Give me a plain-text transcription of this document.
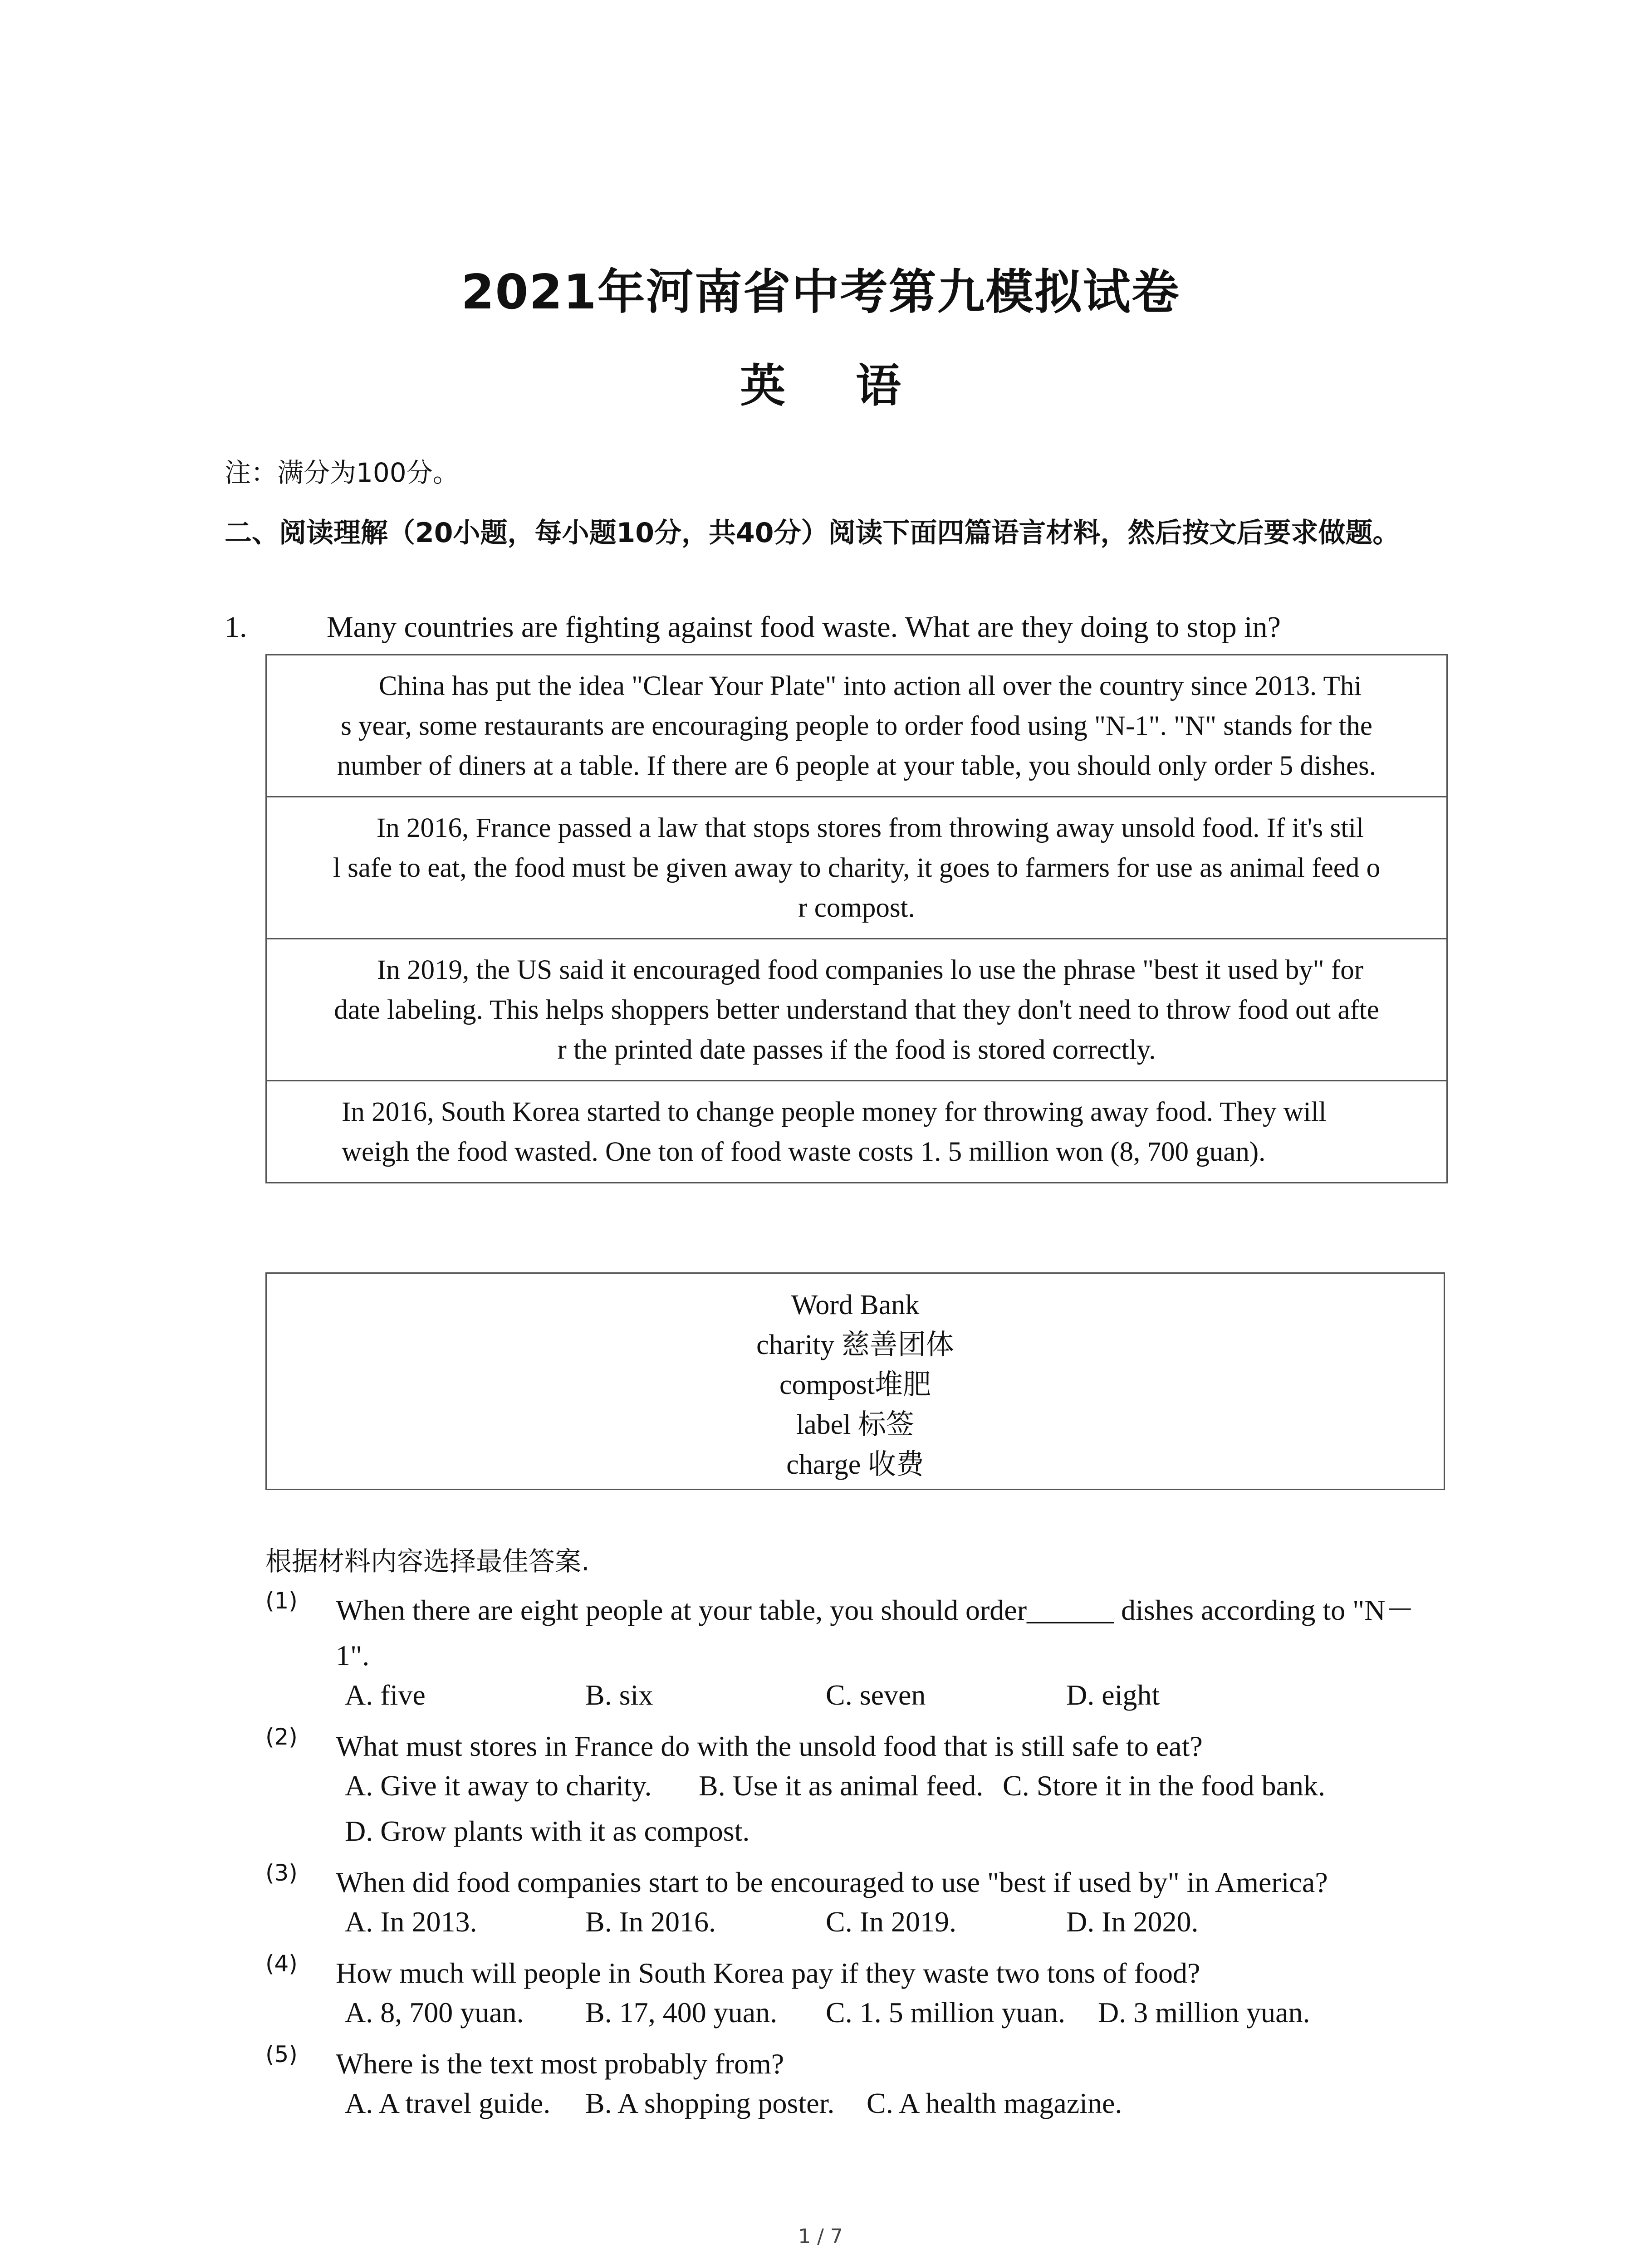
2021年河南省中考第九模拟试卷
英 语
注：满分为100分。
二、阅读理解（20小题，每小题10分，共40分）阅读下面四篇语言材料，然后按文后要求做题。
1.	Many countries are fighting against food waste. What are they doing to stop in?
China has put the idea "Clear Your Plate" into action all over the country since 2013. Thi
s year, some restaurants are encouraging people to order food using "N-1". "N" stands for the
number of diners at a table. If there are 6 people at your table, you should only order 5 dishes.
In 2016, France passed a law that stops stores from throwing away unsold food. If it's stil
l safe to eat, the food must be given away to charity, it goes to farmers for use as animal feed o
r compost.
In 2019, the US said it encouraged food companies lo use the phrase "best it used by" for
date labeling. This helps shoppers better understand that they don't need to throw food out afte
r the printed date passes if the food is stored correctly.
In 2016, South Korea started to change people money for throwing away food. They will
weigh the food wasted. One ton of food waste costs 1. 5 million won (8, 700 guan).
Word Bank
charity 慈善团体
compost堆肥
label 标签
charge 收费
根据材料内容选择最佳答案.
(1) When there are eight people at your table, you should order______ dishes according to "N－1".
A. five	B. six	C. seven	D. eight
(2) What must stores in France do with the unsold food that is still safe to eat?
A. Give it away to charity. B. Use it as animal feed. C. Store it in the food bank.
D. Grow plants with it as compost.
(3) When did food companies start to be encouraged to use "best if used by" in America?
A. In 2013.	B. In 2016.	C. In 2019.	D. In 2020.
(4) How much will people in South Korea pay if they waste two tons of food?
A. 8, 700 yuan. B. 17, 400 yuan. C. 1. 5 million yuan. D. 3 million yuan.
(5) Where is the text most probably from?
A. A travel guide. B. A shopping poster. C. A health magazine.
1 / 7
